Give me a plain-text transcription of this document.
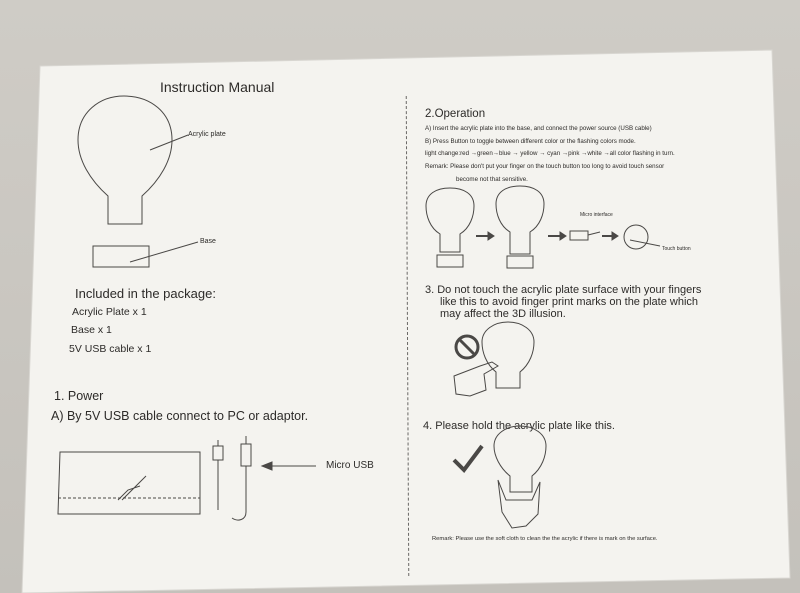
Instruction Manual
Acrylic plate
Base
Included in the package:
Acrylic Plate x 1
Base x 1
5V USB cable x 1
1. Power
A) By 5V USB cable connect to PC or adaptor.
Micro USB
2.Operation
A) Insert the acrylic plate into the base, and connect the power source (USB cable)
B) Press Button to toggle between different color or the flashing colors mode.
light change:red →green→blue → yellow → cyan →pink →white →all color flashing in turn.
Remark: Please don't put your finger on the touch button too long to avoid touch sensor
become not that sensitive.
Micro interface
Touch button
3. Do not touch the acrylic plate surface with your fingers
like this to avoid finger print marks on the plate which
may affect the 3D illusion.
4. Please hold the acrylic plate like this.
Remark: Please use the soft cloth to clean the the acrylic if there is mark on the surface.
